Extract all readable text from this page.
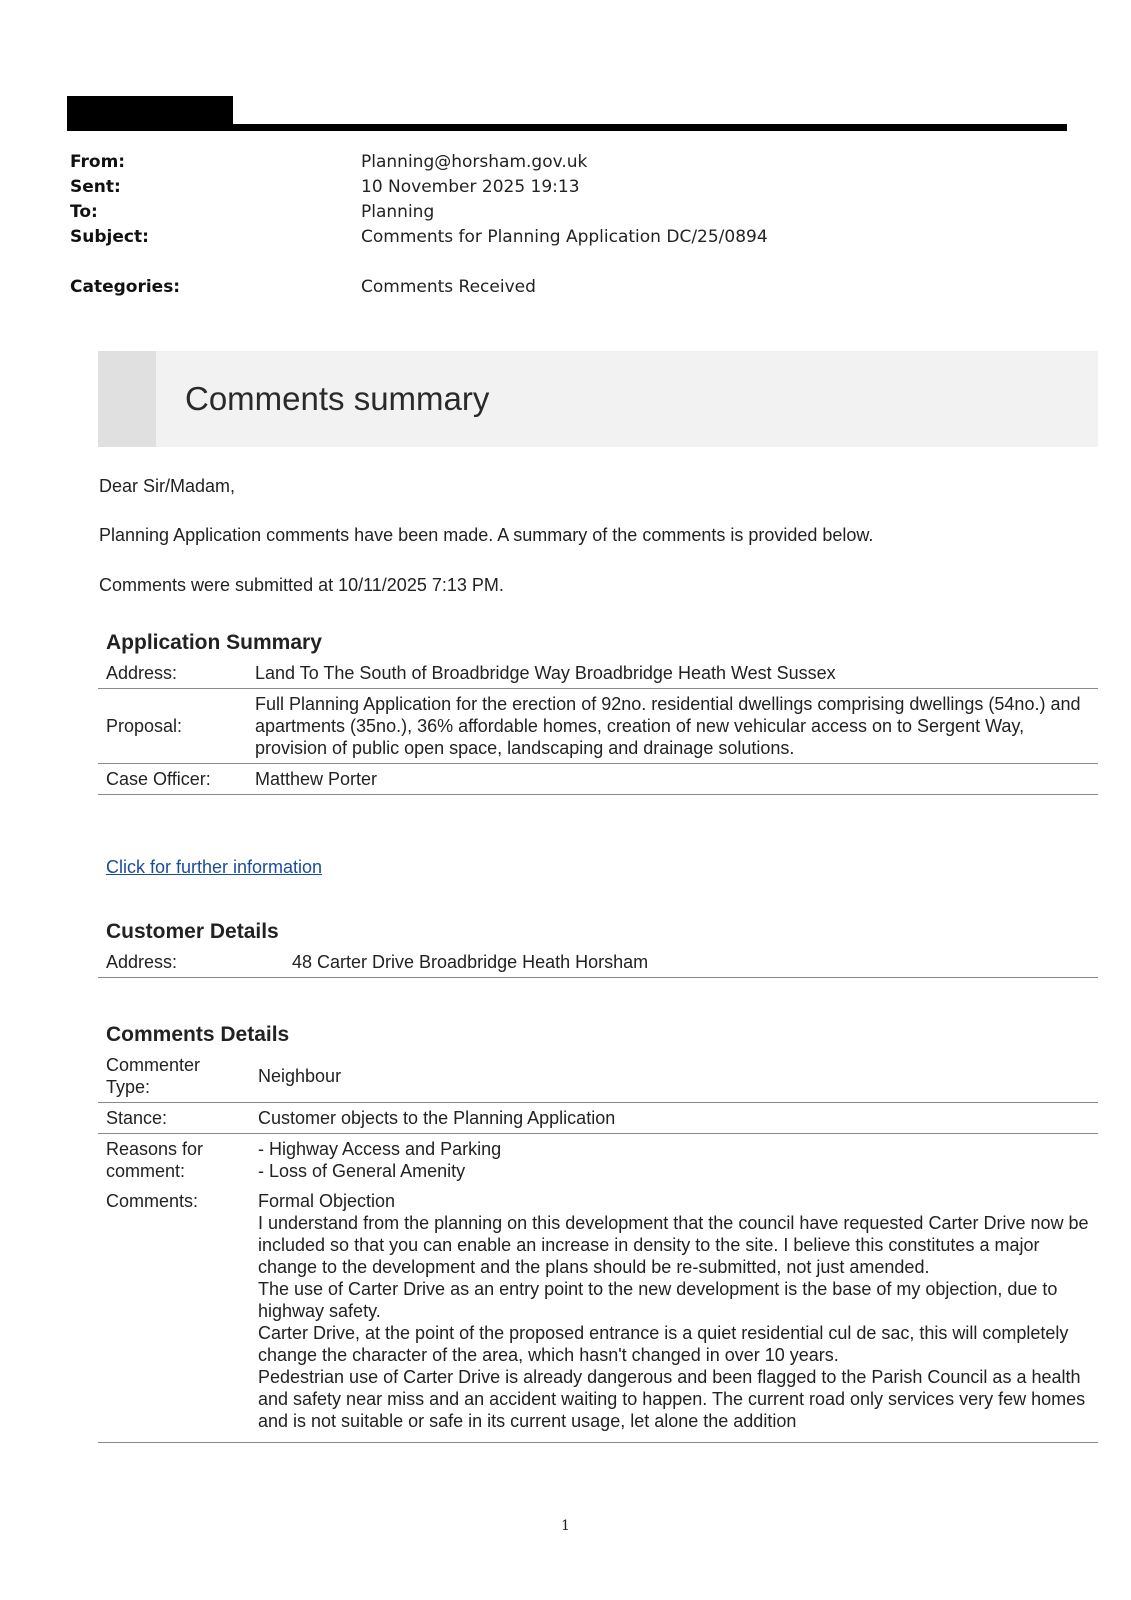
From:	Planning@horsham.gov.uk
Sent:	10 November 2025 19:13
To:	Planning
Subject:	Comments for Planning Application DC/25/0894
Categories:	Comments Received
Comments summary
Dear Sir/Madam,
Planning Application comments have been made. A summary of the comments is provided below.
Comments were submitted at 10/11/2025 7:13 PM.
Application Summary
Address:	Land To The South of Broadbridge Way Broadbridge Heath West Sussex
Proposal:	Full Planning Application for the erection of 92no. residential dwellings comprising dwellings (54no.) and apartments (35no.), 36% affordable homes, creation of new vehicular access on to Sergent Way, provision of public open space, landscaping and drainage solutions.
Case Officer:	Matthew Porter
Click for further information
Customer Details
Address:	48 Carter Drive Broadbridge Heath Horsham
Comments Details
Commenter Type:	Neighbour
Stance:	Customer objects to the Planning Application
Reasons for comment:	- Highway Access and Parking
- Loss of General Amenity

Comments:	Formal Objection
I understand from the planning on this development that the council have requested Carter Drive now be included so that you can enable an increase in density to the site. I believe this constitutes a major change to the development and the plans should be re-submitted, not just amended.
The use of Carter Drive as an entry point to the new development is the base of my objection, due to highway safety.
Carter Drive, at the point of the proposed entrance is a quiet residential cul de sac, this will completely change the character of the area, which hasn't changed in over 10 years.
Pedestrian use of Carter Drive is already dangerous and been flagged to the Parish Council as a health and safety near miss and an accident waiting to happen. The current road only services very few homes and is not suitable or safe in its current usage, let alone the addition
1
